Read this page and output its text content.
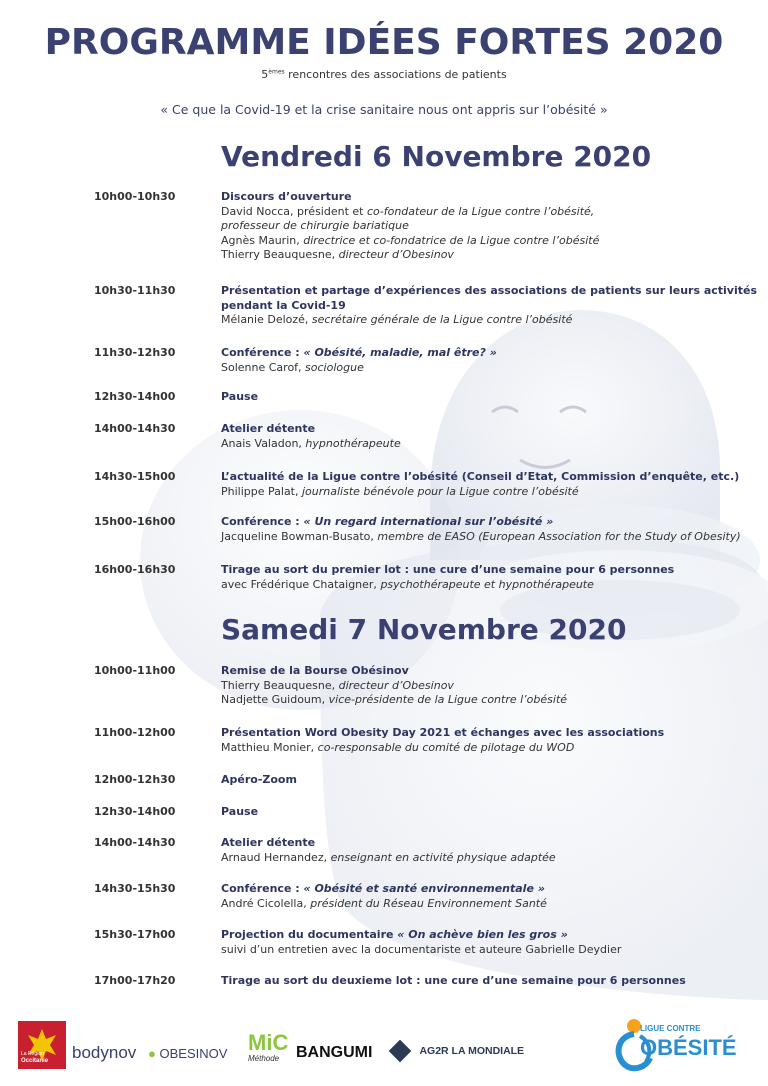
PROGRAMME IDÉES FORTES 2020
5èmes rencontres des associations de patients
« Ce que la Covid-19 et la crise sanitaire nous ont appris sur l’obésité »
Vendredi 6 Novembre 2020
Samedi 7 Novembre 2020
10h00-10h30	Discours d’ouverture
David Nocca, président et co-fondateur de la Ligue contre l’obésité,
professeur de chirurgie bariatique
Agnès Maurin, directrice et co-fondatrice de la Ligue contre l’obésité
Thierry Beauquesne, directeur d’Obesinov
10h30-11h30	Présentation et partage d’expériences des associations de patients sur leurs activités pendant la Covid-19
Mélanie Delozé, secrétaire générale de la Ligue contre l’obésité
11h30-12h30	Conférence : « Obésité, maladie, mal être? »
Solenne Carof, sociologue
12h30-14h00	Pause
14h00-14h30	Atelier détente
Anais Valadon, hypnothérapeute
14h30-15h00	L’actualité de la Ligue contre l’obésité (Conseil d’Etat, Commission d’enquête, etc.)
Philippe Palat, journaliste bénévole pour la Ligue contre l’obésité
15h00-16h00	Conférence : « Un regard international sur l’obésité »
Jacqueline Bowman-Busato, membre de EASO (European Association for the Study of Obesity)
16h00-16h30	Tirage au sort du premier lot : une cure d’une semaine pour 6 personnes
avec Frédérique Chataigner, psychothérapeute et hypnothérapeute
10h00-11h00	Remise de la Bourse Obésinov
Thierry Beauquesne, directeur d’Obesinov
Nadjette Guidoum, vice-présidente de la Ligue contre l’obésité
11h00-12h00	Présentation Word Obesity Day 2021 et échanges avec les associations
Matthieu Monier, co-responsable du comité de pilotage du WOD
12h00-12h30	Apéro-Zoom
12h30-14h00	Pause
14h00-14h30	Atelier détente
Arnaud Hernandez, enseignant en activité physique adaptée
14h30-15h30	Conférence : « Obésité et santé environnementale »
André Cicolella, président du Réseau Environnement Santé
15h30-17h00	Projection du documentaire « On achève bien les gros »
suivi d’un entretien avec la documentariste et auteure Gabrielle Deydier
17h00-17h20	Tirage au sort du deuxieme lot : une cure d’une semaine pour 6 personnes
La Région
Occitanie bodynov ● OBESINOV MiC
Méthode	BANGUMI	AG2R LA MONDIALE
LIGUE CONTRE
OBÉSITÉ
